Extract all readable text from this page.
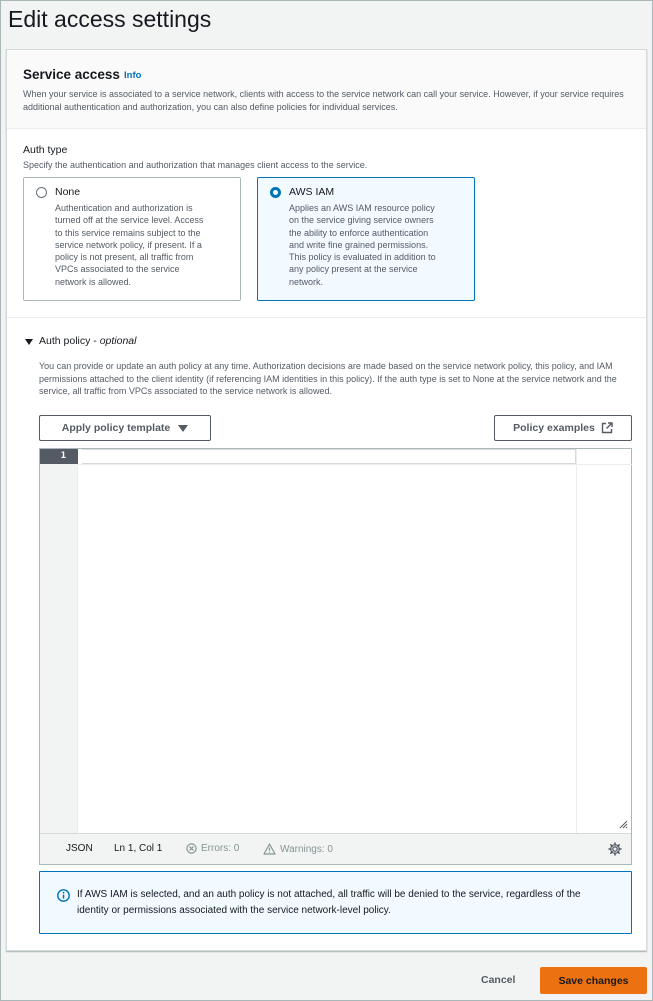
Edit access settings
Service access Info
When your service is associated to a service network, clients with access to the service network can call your service. However, if your service requires additional authentication and authorization, you can also define policies for individual services.
Auth type
Specify the authentication and authorization that manages client access to the service.
None
Authentication and authorization is turned off at the service level. Access to this service remains subject to the service network policy, if present. If a policy is not present, all traffic from VPCs associated to the service network is allowed.
AWS IAM
Applies an AWS IAM resource policy on the service giving service owners the ability to enforce authentication and write fine grained permissions. This policy is evaluated in addition to any policy present at the service network.
Auth policy - optional
You can provide or update an auth policy at any time. Authorization decisions are made based on the service network policy, this policy, and IAM permissions attached to the client identity (if referencing IAM identities in this policy). If the auth type is set to None at the service network and the service, all traffic from VPCs associated to the service network is allowed.
Apply policy template	Policy examples
1
JSON Ln 1, Col 1	Errors: 0	Warnings: 0
If AWS IAM is selected, and an auth policy is not attached, all traffic will be denied to the service, regardless of the identity or permissions associated with the service network-level policy.
Cancel	Save changes
